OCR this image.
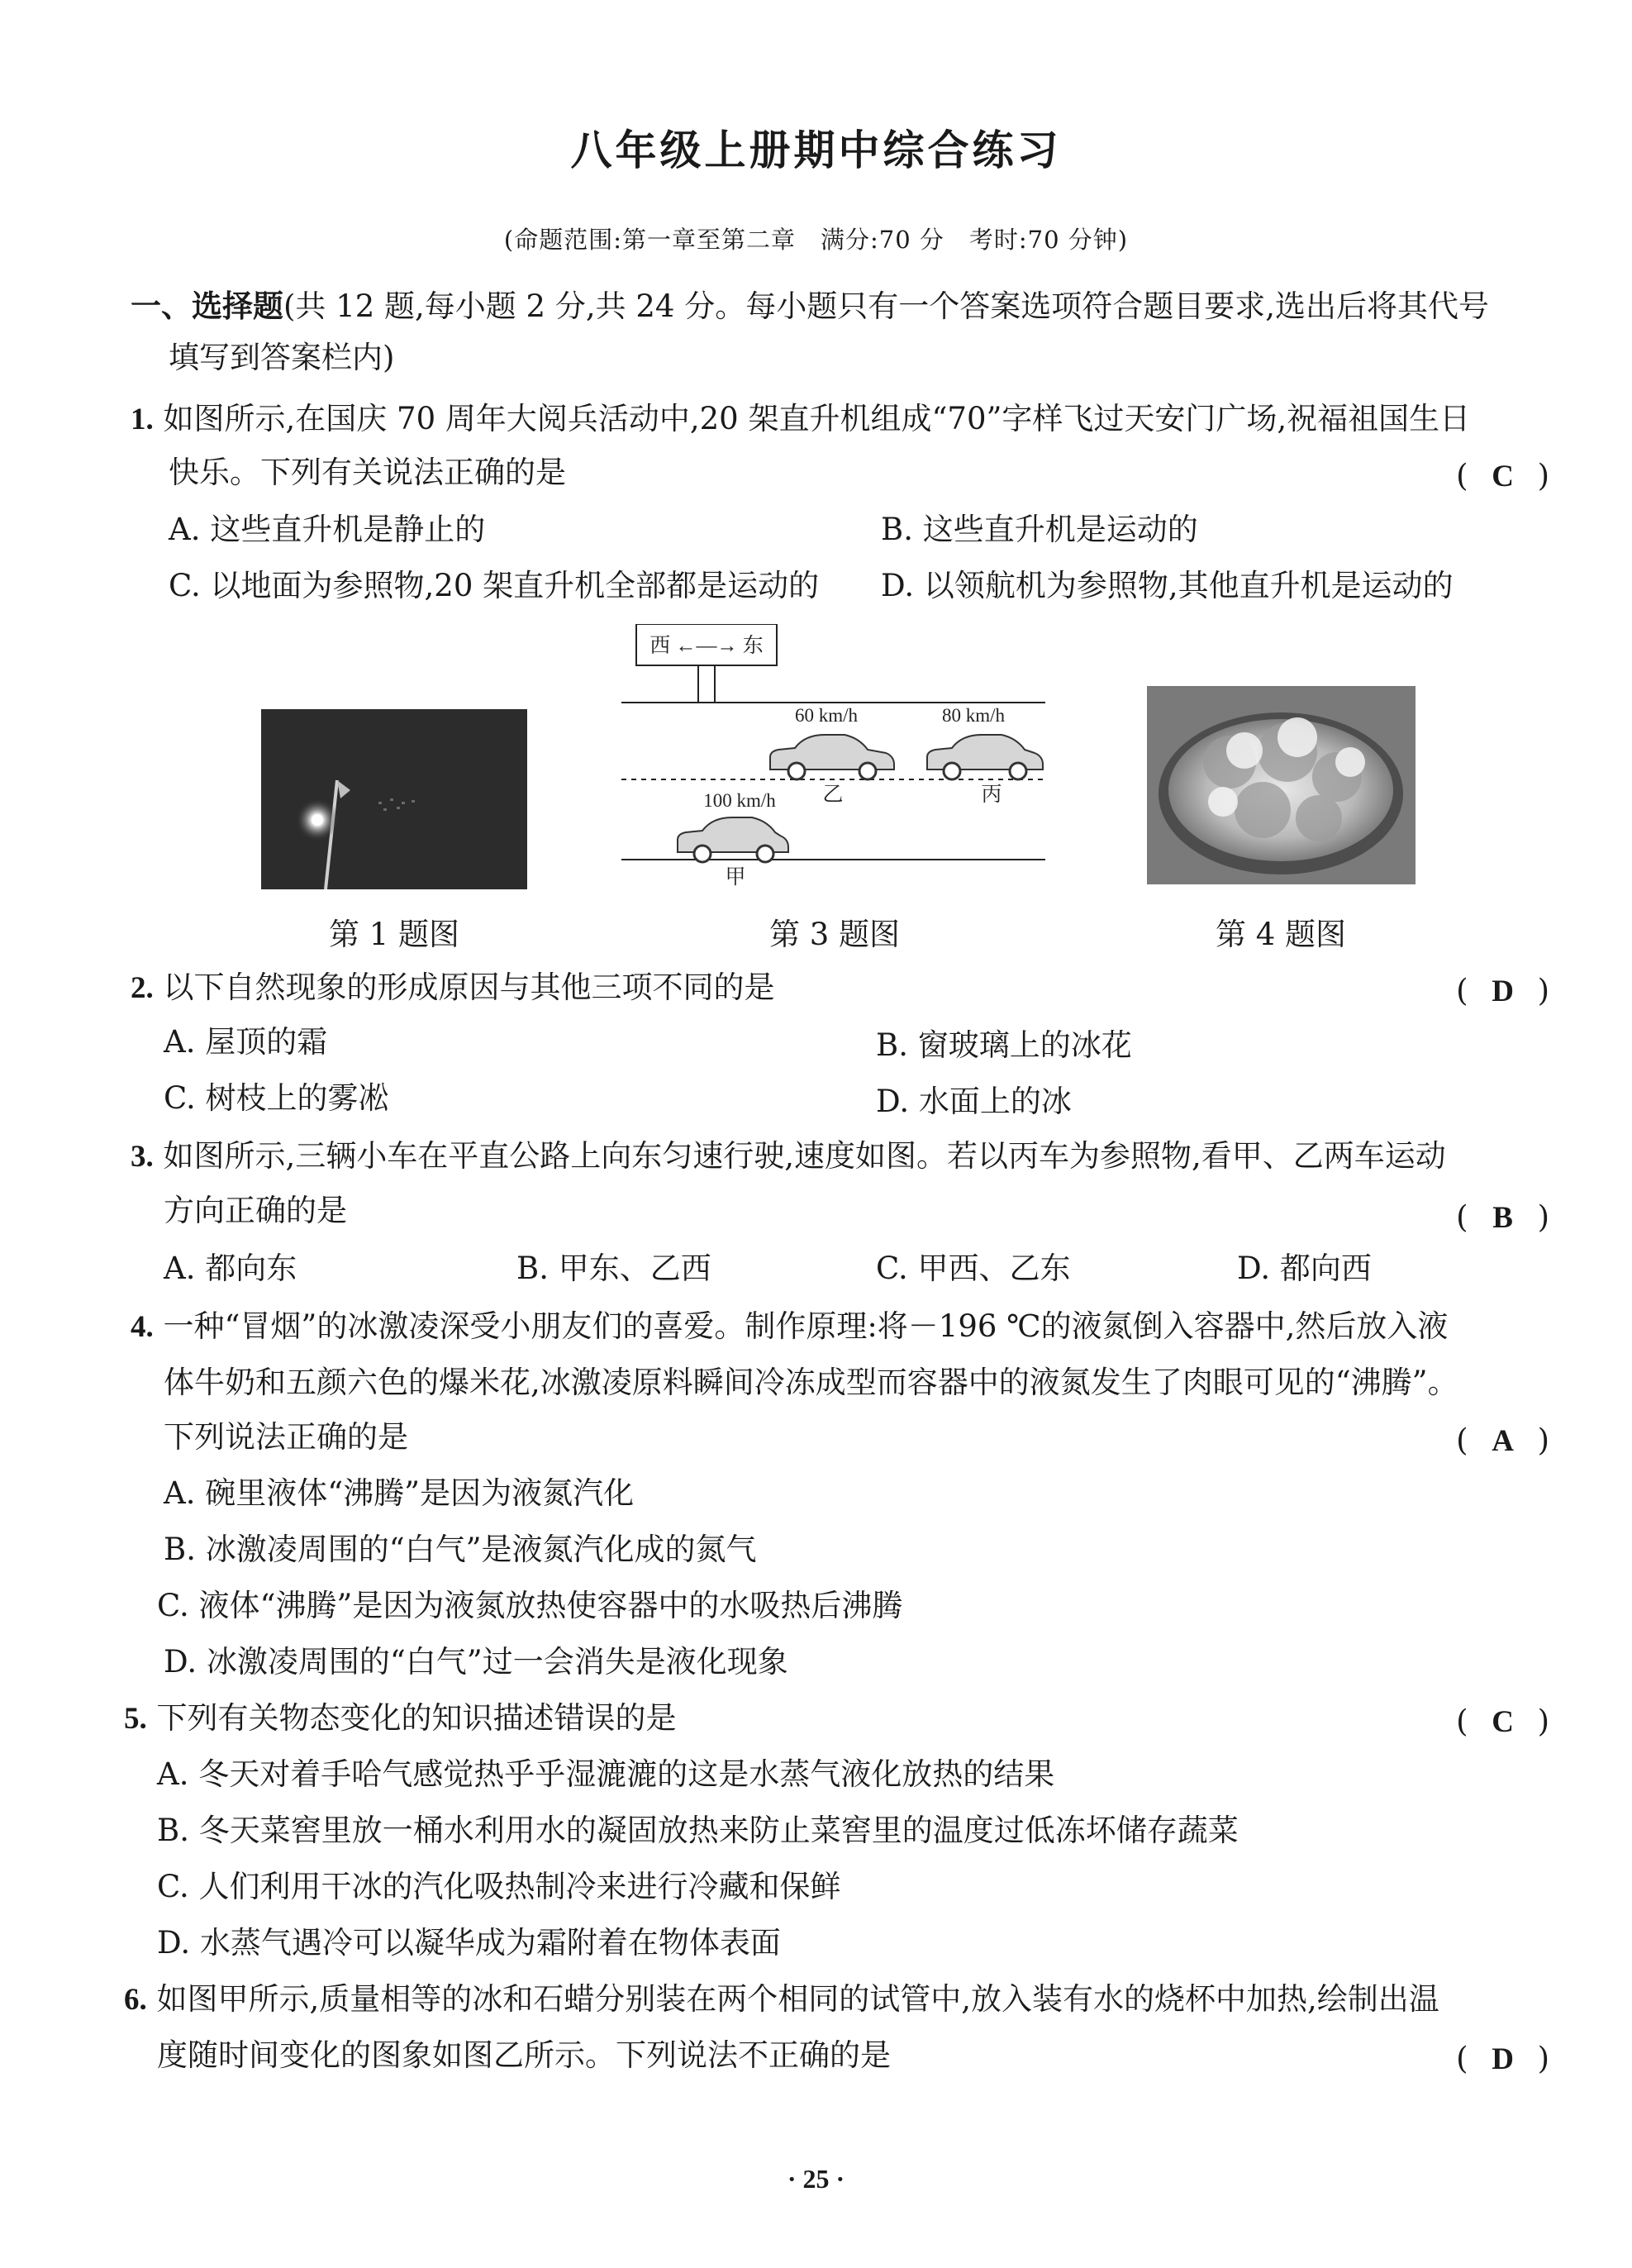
八年级上册期中综合练习
(命题范围:第一章至第二章　满分:70 分　考时:70 分钟)
一、选择题(共 12 题,每小题 2 分,共 24 分。每小题只有一个答案选项符合题目要求,选出后将其代号
填写到答案栏内)
1. 如图所示,在国庆 70 周年大阅兵活动中,20 架直升机组成“70”字样飞过天安门广场,祝福祖国生日
快乐。下列有关说法正确的是	( C )
A. 这些直升机是静止的	B. 这些直升机是运动的
C. 以地面为参照物,20 架直升机全部都是运动的 D. 以领航机为参照物,其他直升机是运动的
第 1 题图
西 ←—→ 东
60 km/h
乙
80 km/h
丙
100 km/h
甲
第 3 题图	第 4 题图
2. 以下自然现象的形成原因与其他三项不同的是	( D )
A. 屋顶的霜	B. 窗玻璃上的冰花
C. 树枝上的雾凇	D. 水面上的冰
3. 如图所示,三辆小车在平直公路上向东匀速行驶,速度如图。若以丙车为参照物,看甲、乙两车运动
方向正确的是	( B )
A. 都向东	B. 甲东、乙西	C. 甲西、乙东	D. 都向西
4. 一种“冒烟”的冰激凌深受小朋友们的喜爱。制作原理:将－196 ℃的液氮倒入容器中,然后放入液
体牛奶和五颜六色的爆米花,冰激凌原料瞬间冷冻成型而容器中的液氮发生了肉眼可见的“沸腾”。
下列说法正确的是	( A )
A. 碗里液体“沸腾”是因为液氮汽化
B. 冰激凌周围的“白气”是液氮汽化成的氮气
C. 液体“沸腾”是因为液氮放热使容器中的水吸热后沸腾
D. 冰激凌周围的“白气”过一会消失是液化现象
5. 下列有关物态变化的知识描述错误的是	( C )
A. 冬天对着手哈气感觉热乎乎湿漉漉的这是水蒸气液化放热的结果
B. 冬天菜窖里放一桶水利用水的凝固放热来防止菜窖里的温度过低冻坏储存蔬菜
C. 人们利用干冰的汽化吸热制冷来进行冷藏和保鲜
D. 水蒸气遇冷可以凝华成为霜附着在物体表面
6. 如图甲所示,质量相等的冰和石蜡分别装在两个相同的试管中,放入装有水的烧杯中加热,绘制出温
度随时间变化的图象如图乙所示。下列说法不正确的是	( D )
· 25 ·
